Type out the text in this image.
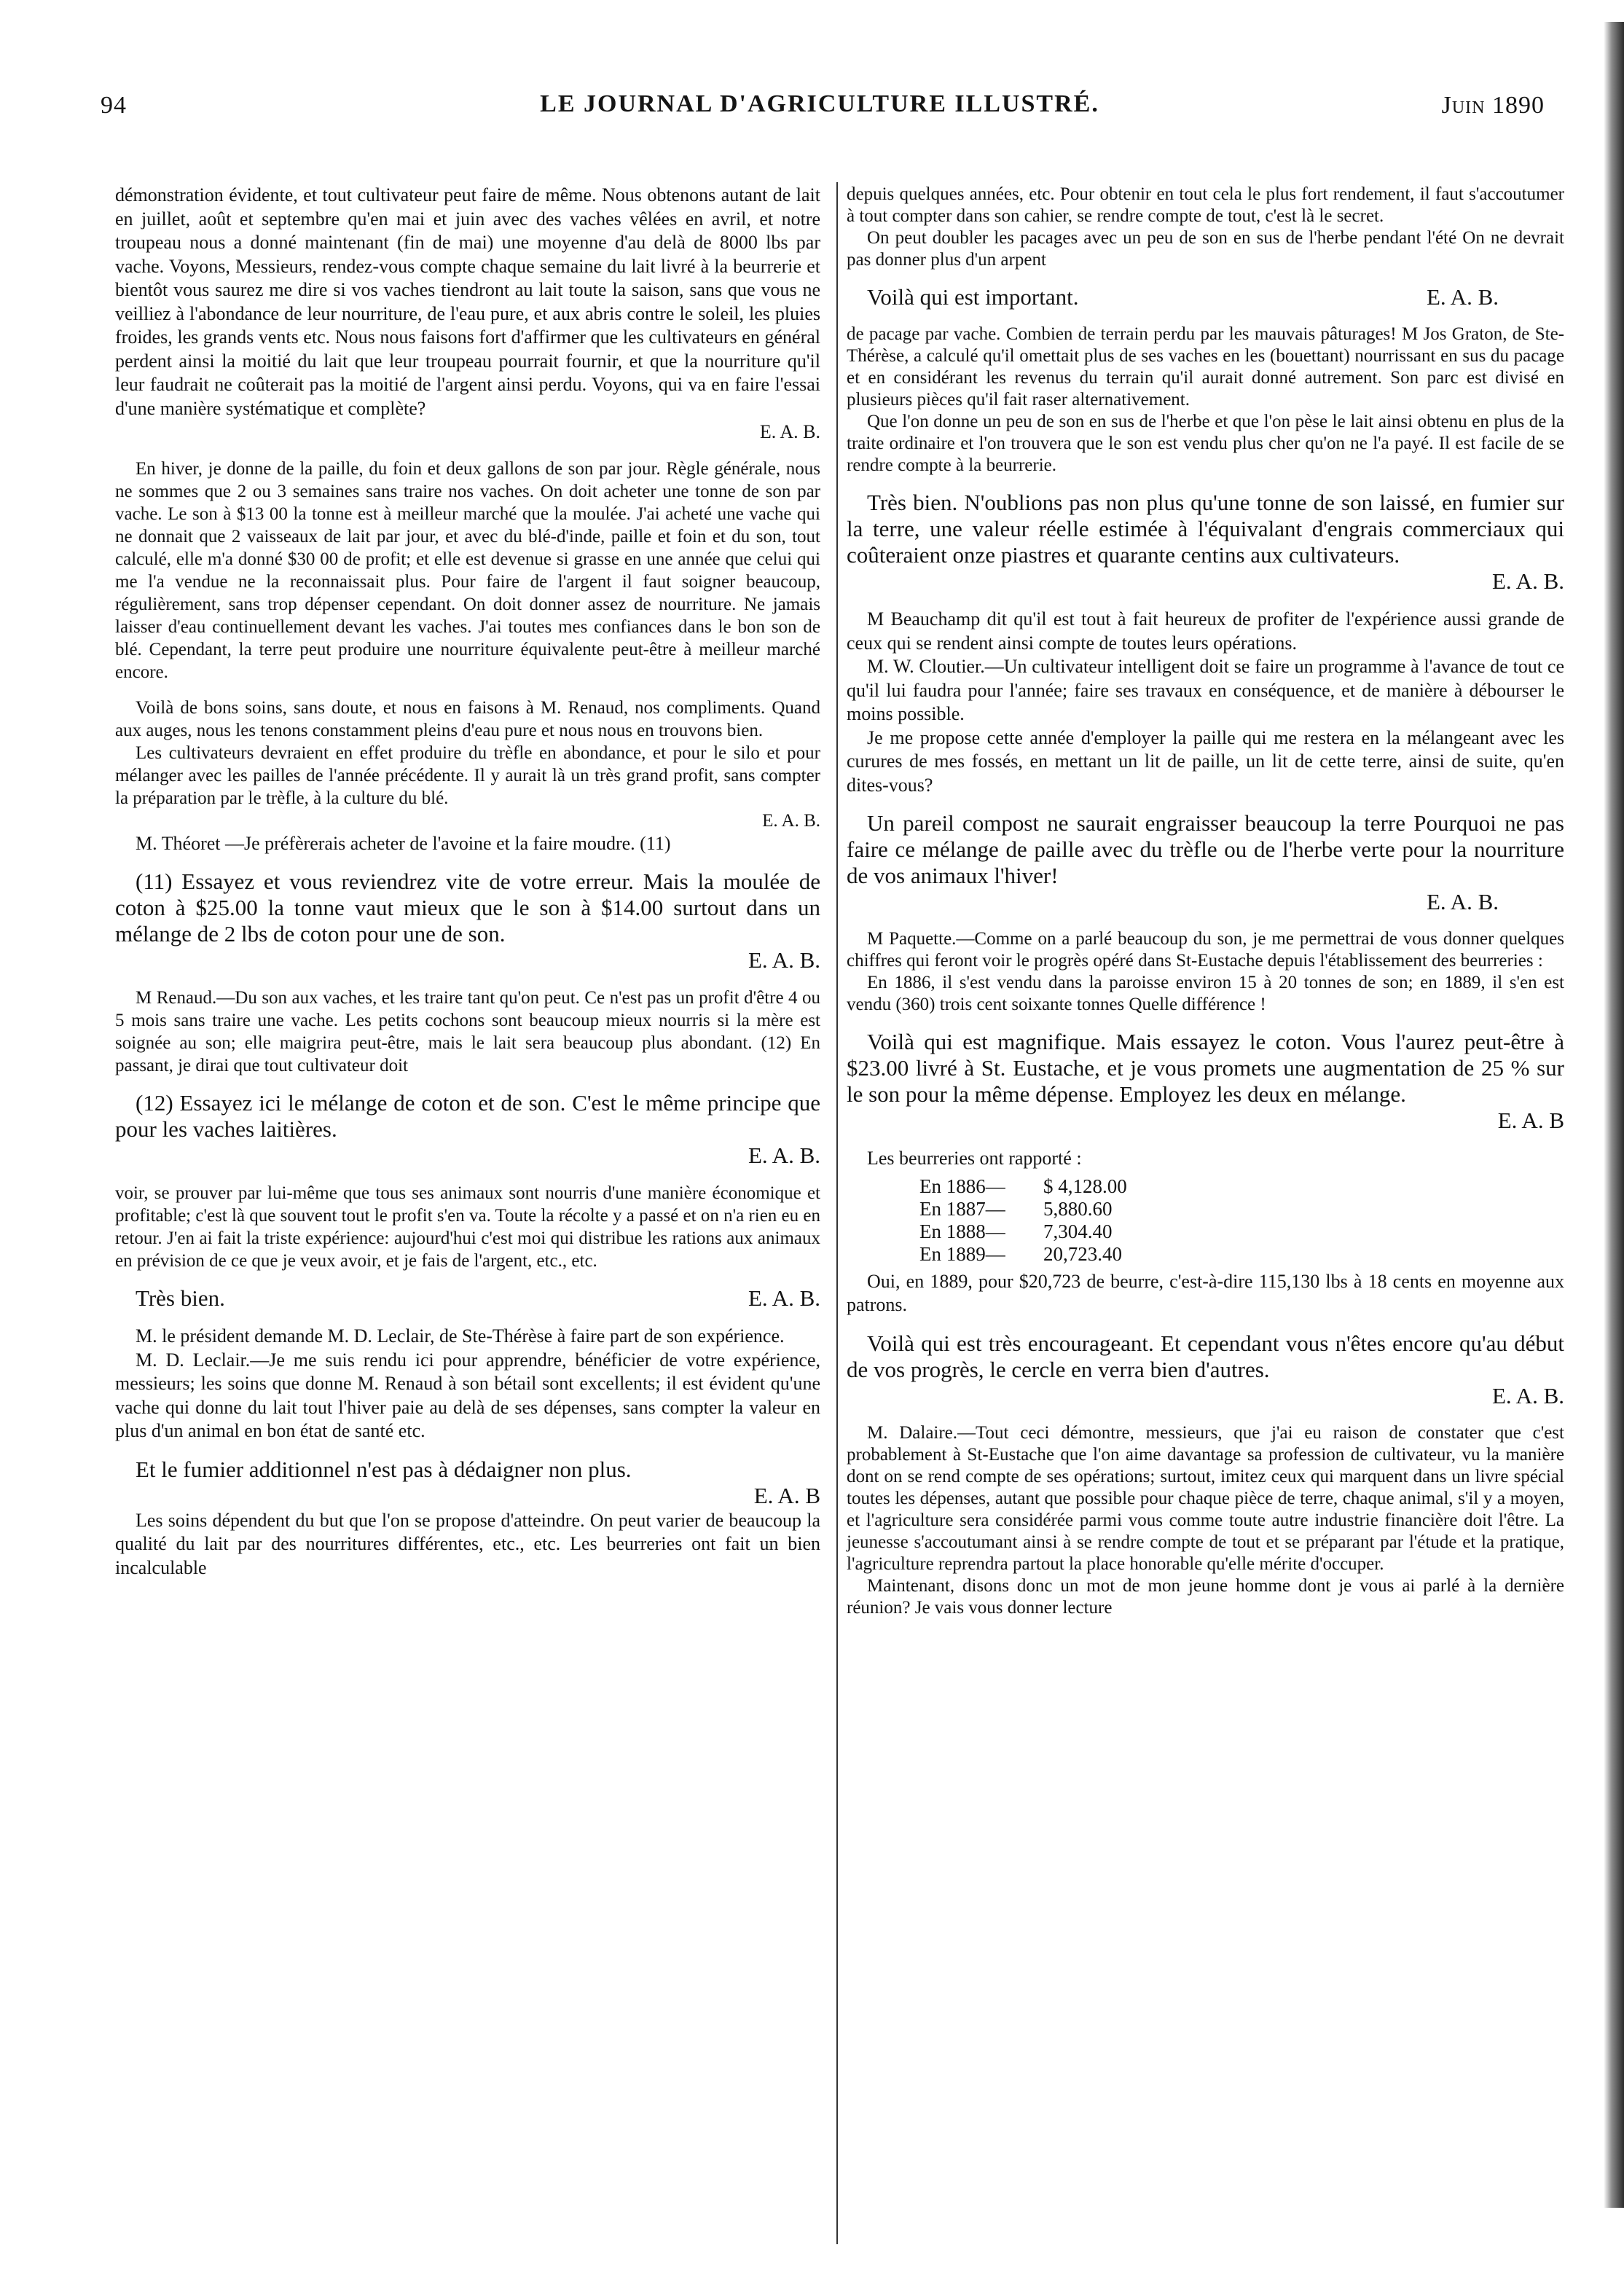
94	LE JOURNAL D'AGRICULTURE ILLUSTRÉ.	Juin 1890

démonstration évidente, et tout cultivateur peut faire de même. Nous obtenons autant de lait en juillet, août et septembre qu'en mai et juin avec des vaches vêlées en avril, et notre troupeau nous a donné maintenant (fin de mai) une moyenne d'au delà de 8000 lbs par vache. Voyons, Messieurs, rendez-vous compte chaque semaine du lait livré à la beurrerie et bientôt vous saurez me dire si vos vaches tiendront au lait toute la saison, sans que vous ne veilliez à l'abondance de leur nourriture, de l'eau pure, et aux abris contre le soleil, les pluies froides, les grands vents etc. Nous nous faisons fort d'affirmer que les cultivateurs en général perdent ainsi la moitié du lait que leur troupeau pourrait fournir, et que la nourriture qu'il leur faudrait ne coûterait pas la moitié de l'argent ainsi perdu. Voyons, qui va en faire l'essai d'une manière systématique et complète?

E. A. B.

En hiver, je donne de la paille, du foin et deux gallons de son par jour. Règle générale, nous ne sommes que 2 ou 3 semaines sans traire nos vaches. On doit acheter une tonne de son par vache. Le son à $13 00 la tonne est à meilleur marché que la moulée. J'ai acheté une vache qui ne donnait que 2 vaisseaux de lait par jour, et avec du blé-d'inde, paille et foin et du son, tout calculé, elle m'a donné $30 00 de profit; et elle est devenue si grasse en une année que celui qui me l'a vendue ne la reconnaissait plus. Pour faire de l'argent il faut soigner beaucoup, régulièrement, sans trop dépenser cependant. On doit donner assez de nourriture. Ne jamais laisser d'eau continuellement devant les vaches. J'ai toutes mes confiances dans le bon son de blé. Cependant, la terre peut produire une nourriture équivalente peut-être à meilleur marché encore.

Voilà de bons soins, sans doute, et nous en faisons à M. Renaud, nos compliments. Quand aux auges, nous les tenons constamment pleins d'eau pure et nous nous en trouvons bien.

Les cultivateurs devraient en effet produire du trèfle en abondance, et pour le silo et pour mélanger avec les pailles de l'année précédente. Il y aurait là un très grand profit, sans compter la préparation par le trèfle, à la culture du blé.

E. A. B.

M. Théoret —Je préfèrerais acheter de l'avoine et la faire moudre. (11)

(11) Essayez et vous reviendrez vite de votre erreur. Mais la moulée de coton à $25.00 la tonne vaut mieux que le son à $14.00 surtout dans un mélange de 2 lbs de coton pour une de son.

E. A. B.

M Renaud.—Du son aux vaches, et les traire tant qu'on peut. Ce n'est pas un profit d'être 4 ou 5 mois sans traire une vache. Les petits cochons sont beaucoup mieux nourris si la mère est soignée au son; elle maigrira peut-être, mais le lait sera beaucoup plus abondant. (12) En passant, je dirai que tout cultivateur doit

(12) Essayez ici le mélange de coton et de son. C'est le même principe que pour les vaches laitières.

E. A. B.

voir, se prouver par lui-même que tous ses animaux sont nourris d'une manière économique et profitable; c'est là que souvent tout le profit s'en va. Toute la récolte y a passé et on n'a rien eu en retour. J'en ai fait la triste expérience: aujourd'hui c'est moi qui distribue les rations aux animaux en prévision de ce que je veux avoir, et je fais de l'argent, etc., etc.

E. A. B.

Très bien.

M. le président demande M. D. Leclair, de Ste-Thérèse à faire part de son expérience.

M. D. Leclair.—Je me suis rendu ici pour apprendre, bénéficier de votre expérience, messieurs; les soins que donne M. Renaud à son bétail sont excellents; il est évident qu'une vache qui donne du lait tout l'hiver paie au delà de ses dépenses, sans compter la valeur en plus d'un animal en bon état de santé etc.

Et le fumier additionnel n'est pas à dédaigner non plus.

E. A. B

Les soins dépendent du but que l'on se propose d'atteindre. On peut varier de beaucoup la qualité du lait par des nourritures différentes, etc., etc. Les beurreries ont fait un bien incalculable

depuis quelques années, etc. Pour obtenir en tout cela le plus fort rendement, il faut s'accoutumer à tout compter dans son cahier, se rendre compte de tout, c'est là le secret.

On peut doubler les pacages avec un peu de son en sus de l'herbe pendant l'été On ne devrait pas donner plus d'un arpent

E. A. B.

Voilà qui est important.

de pacage par vache. Combien de terrain perdu par les mauvais pâturages! M Jos Graton, de Ste-Thérèse, a calculé qu'il omettait plus de ses vaches en les (bouettant) nourrissant en sus du pacage et en considérant les revenus du terrain qu'il aurait donné autrement. Son parc est divisé en plusieurs pièces qu'il fait raser alternativement.

Que l'on donne un peu de son en sus de l'herbe et que l'on pèse le lait ainsi obtenu en plus de la traite ordinaire et l'on trouvera que le son est vendu plus cher qu'on ne l'a payé. Il est facile de se rendre compte à la beurrerie.

Très bien. N'oublions pas non plus qu'une tonne de son laissé, en fumier sur la terre, une valeur réelle estimée à l'équivalant d'engrais commerciaux qui coûteraient onze piastres et quarante centins aux cultivateurs.

E. A. B.

M Beauchamp dit qu'il est tout à fait heureux de profiter de l'expérience aussi grande de ceux qui se rendent ainsi compte de toutes leurs opérations.

M. W. Cloutier.—Un cultivateur intelligent doit se faire un programme à l'avance de tout ce qu'il lui faudra pour l'année; faire ses travaux en conséquence, et de manière à débourser le moins possible.

Je me propose cette année d'employer la paille qui me restera en la mélangeant avec les curures de mes fossés, en mettant un lit de paille, un lit de cette terre, ainsi de suite, qu'en dites-vous?

Un pareil compost ne saurait engraisser beaucoup la terre Pourquoi ne pas faire ce mélange de paille avec du trèfle ou de l'herbe verte pour la nourriture de vos animaux l'hiver!

E. A. B.

M Paquette.—Comme on a parlé beaucoup du son, je me permettrai de vous donner quelques chiffres qui feront voir le progrès opéré dans St-Eustache depuis l'établissement des beurreries :

En 1886, il s'est vendu dans la paroisse environ 15 à 20 tonnes de son; en 1889, il s'en est vendu (360) trois cent soixante tonnes Quelle différence !

Voilà qui est magnifique. Mais essayez le coton. Vous l'aurez peut-être à $23.00 livré à St. Eustache, et je vous promets une augmentation de 25 % sur le son pour la même dépense. Employez les deux en mélange.

E. A. B

Les beurreries ont rapporté :

En 1886—	$ 4,128.00
En 1887—	5,880.60
En 1888—	7,304.40
En 1889—	20,723.40

Oui, en 1889, pour $20,723 de beurre, c'est-à-dire 115,130 lbs à 18 cents en moyenne aux patrons.

Voilà qui est très encourageant. Et cependant vous n'êtes encore qu'au début de vos progrès, le cercle en verra bien d'autres.

E. A. B.

M. Dalaire.—Tout ceci démontre, messieurs, que j'ai eu raison de constater que c'est probablement à St-Eustache que l'on aime davantage sa profession de cultivateur, vu la manière dont on se rend compte de ses opérations; surtout, imitez ceux qui marquent dans un livre spécial toutes les dépenses, autant que possible pour chaque pièce de terre, chaque animal, s'il y a moyen, et l'agriculture sera considérée parmi vous comme toute autre industrie financière doit l'être. La jeunesse s'accoutumant ainsi à se rendre compte de tout et se préparant par l'étude et la pratique, l'agriculture reprendra partout la place honorable qu'elle mérite d'occuper.

Maintenant, disons donc un mot de mon jeune homme dont je vous ai parlé à la dernière réunion? Je vais vous donner lecture
